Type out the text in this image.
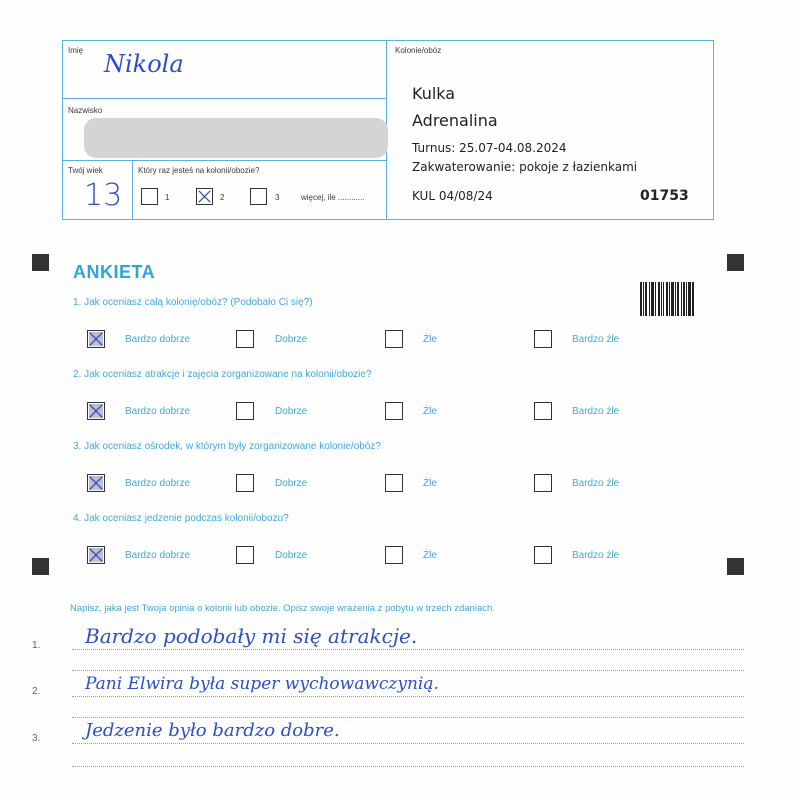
Imię Nikola
Nazwisko
Twój wiek
13
Który raz jesteś na kolonii/obozie?
1	2	3	więcej, ile ............
Kolonie/obóz
Kulka
Adrenalina
Turnus: 25.07-04.08.2024
Zakwaterowanie: pokoje z łazienkami
KUL 04/08/24	01753
ANKIETA
1. Jak oceniasz całą kolonię/obóz? (Podobało Ci się?)
Bardzo dobrze	Dobrze	Źle	Bardzo źle
2. Jak oceniasz atrakcje i zajęcia zorganizowane na kolonii/obozie?
Bardzo dobrze	Dobrze	Źle	Bardzo źle
3. Jak oceniasz ośrodek, w którym były zorganizowane kolonie/obóz?
Bardzo dobrze	Dobrze	Źle	Bardzo źle
4. Jak oceniasz jedzenie podczas kolonii/obozu?
Bardzo dobrze	Dobrze	Źle	Bardzo źle
Napisz, jaka jest Twoja opinia o kolonii lub obozie. Opisz swoje wrażenia z pobytu w trzech zdaniach.
1. Bardzo podobały mi się atrakcje.
2.	Pani Elwira była super wychowawczynią.
3. Jedzenie było bardzo dobre.
